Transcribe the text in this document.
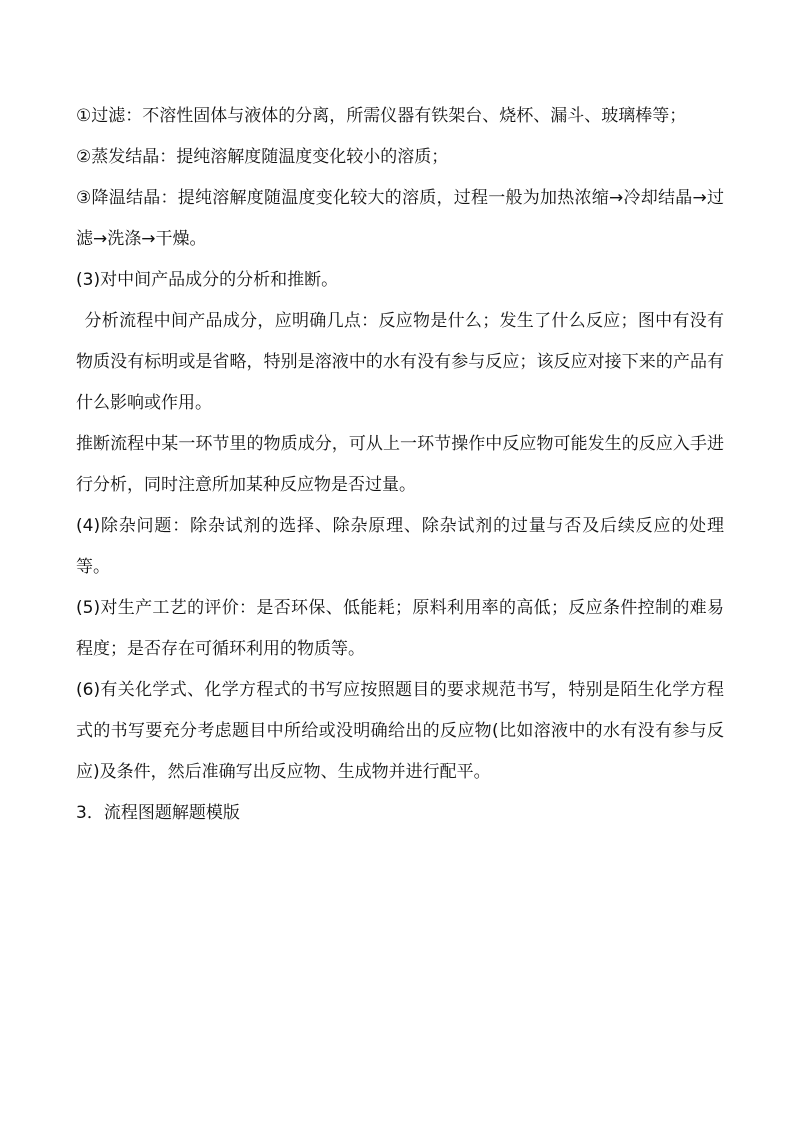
①过滤：不溶性固体与液体的分离，所需仪器有铁架台、烧杯、漏斗、玻璃棒等；

②蒸发结晶：提纯溶解度随温度变化较小的溶质；

③降温结晶：提纯溶解度随温度变化较大的溶质，过程一般为加热浓缩→冷却结晶→过滤→洗涤→干燥。

(3)对中间产品成分的分析和推断。

分析流程中间产品成分，应明确几点：反应物是什么；发生了什么反应；图中有没有物质没有标明或是省略，特别是溶液中的水有没有参与反应；该反应对接下来的产品有什么影响或作用。

推断流程中某一环节里的物质成分，可从上一环节操作中反应物可能发生的反应入手进行分析，同时注意所加某种反应物是否过量。

(4)除杂问题：除杂试剂的选择、除杂原理、除杂试剂的过量与否及后续反应的处理等。

(5)对生产工艺的评价：是否环保、低能耗；原料利用率的高低；反应条件控制的难易程度；是否存在可循环利用的物质等。

(6)有关化学式、化学方程式的书写应按照题目的要求规范书写，特别是陌生化学方程式的书写要充分考虑题目中所给或没明确给出的反应物(比如溶液中的水有没有参与反应)及条件，然后准确写出反应物、生成物并进行配平。

3．流程图题解题模版
